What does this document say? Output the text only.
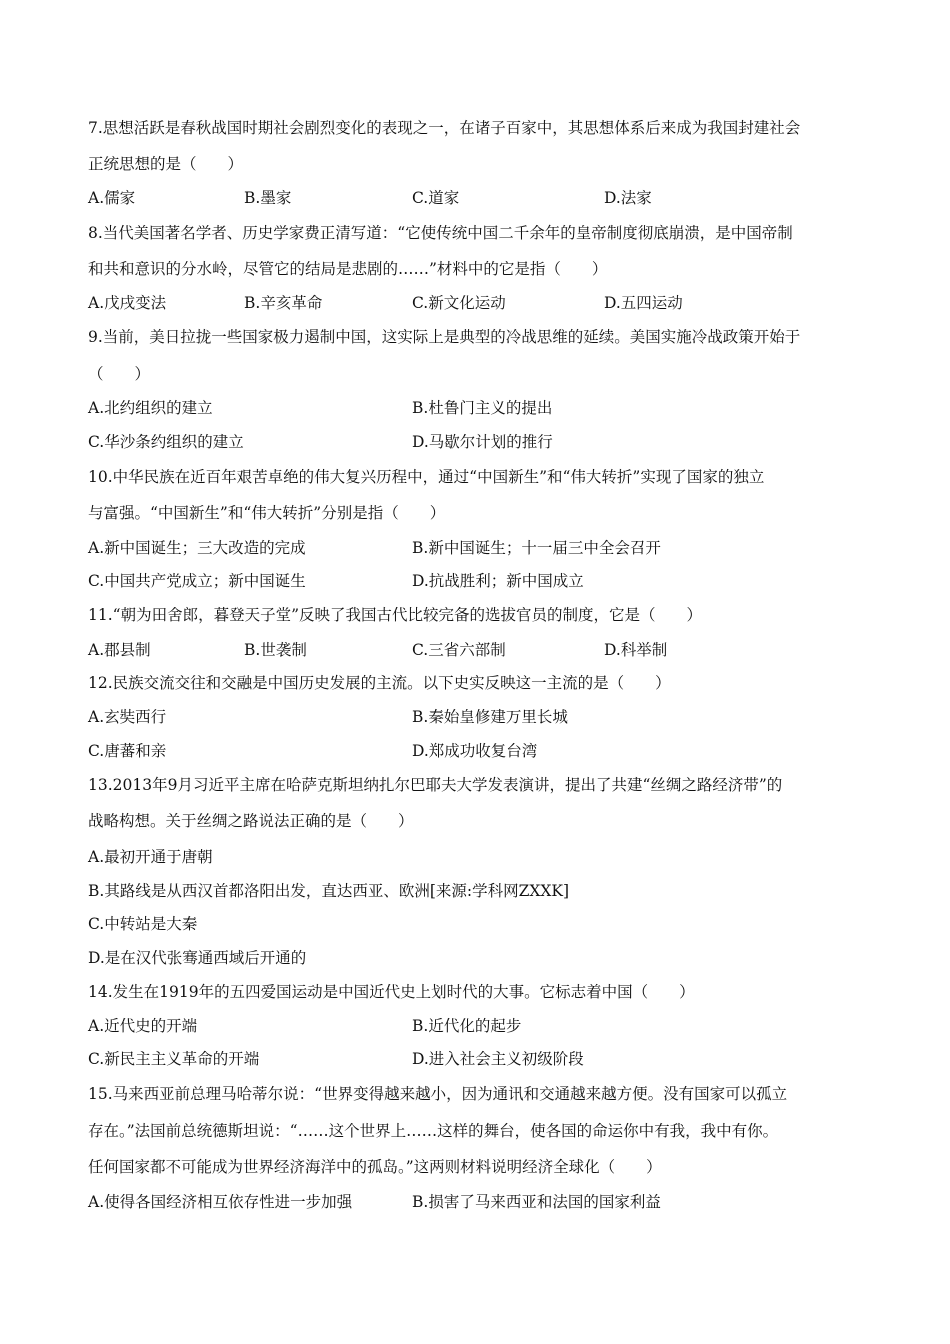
7.思想活跃是春秋战国时期社会剧烈变化的表现之一，在诸子百家中，其思想体系后来成为我国封建社会
正统思想的是（　　）
A.儒家	B.墨家	C.道家	D.法家
8.当代美国著名学者、历史学家费正清写道：“它使传统中国二千余年的皇帝制度彻底崩溃，是中国帝制
和共和意识的分水岭，尽管它的结局是悲剧的……”材料中的它是指（　　）
A.戊戌变法	B.辛亥革命	C.新文化运动	D.五四运动
9.当前，美日拉拢一些国家极力遏制中国，这实际上是典型的冷战思维的延续。美国实施冷战政策开始于
（　　）
A.北约组织的建立	B.杜鲁门主义的提出
C.华沙条约组织的建立	D.马歇尔计划的推行
10.中华民族在近百年艰苦卓绝的伟大复兴历程中，通过“中国新生”和“伟大转折”实现了国家的独立
与富强。“中国新生”和“伟大转折”分别是指（　　）
A.新中国诞生；三大改造的完成	B.新中国诞生；十一届三中全会召开
C.中国共产党成立；新中国诞生	D.抗战胜利；新中国成立
11.“朝为田舍郎，暮登天子堂”反映了我国古代比较完备的选拔官员的制度，它是（　　）
A.郡县制	B.世袭制	C.三省六部制	D.科举制
12.民族交流交往和交融是中国历史发展的主流。以下史实反映这一主流的是（　　）
A.玄奘西行	B.秦始皇修建万里长城
C.唐蕃和亲	D.郑成功收复台湾
13.2013年9月习近平主席在哈萨克斯坦纳扎尔巴耶夫大学发表演讲，提出了共建“丝绸之路经济带”的
战略构想。关于丝绸之路说法正确的是（　　）
A.最初开通于唐朝
B.其路线是从西汉首都洛阳出发，直达西亚、欧洲[来源:学科网ZXXK]
C.中转站是大秦
D.是在汉代张骞通西域后开通的
14.发生在1919年的五四爱国运动是中国近代史上划时代的大事。它标志着中国（　　）
A.近代史的开端	B.近代化的起步
C.新民主主义革命的开端	D.进入社会主义初级阶段
15.马来西亚前总理马哈蒂尔说：“世界变得越来越小，因为通讯和交通越来越方便。没有国家可以孤立
存在。”法国前总统德斯坦说：“……这个世界上……这样的舞台，使各国的命运你中有我，我中有你。
任何国家都不可能成为世界经济海洋中的孤岛。”这两则材料说明经济全球化（　　）
A.使得各国经济相互依存性进一步加强	B.损害了马来西亚和法国的国家利益
